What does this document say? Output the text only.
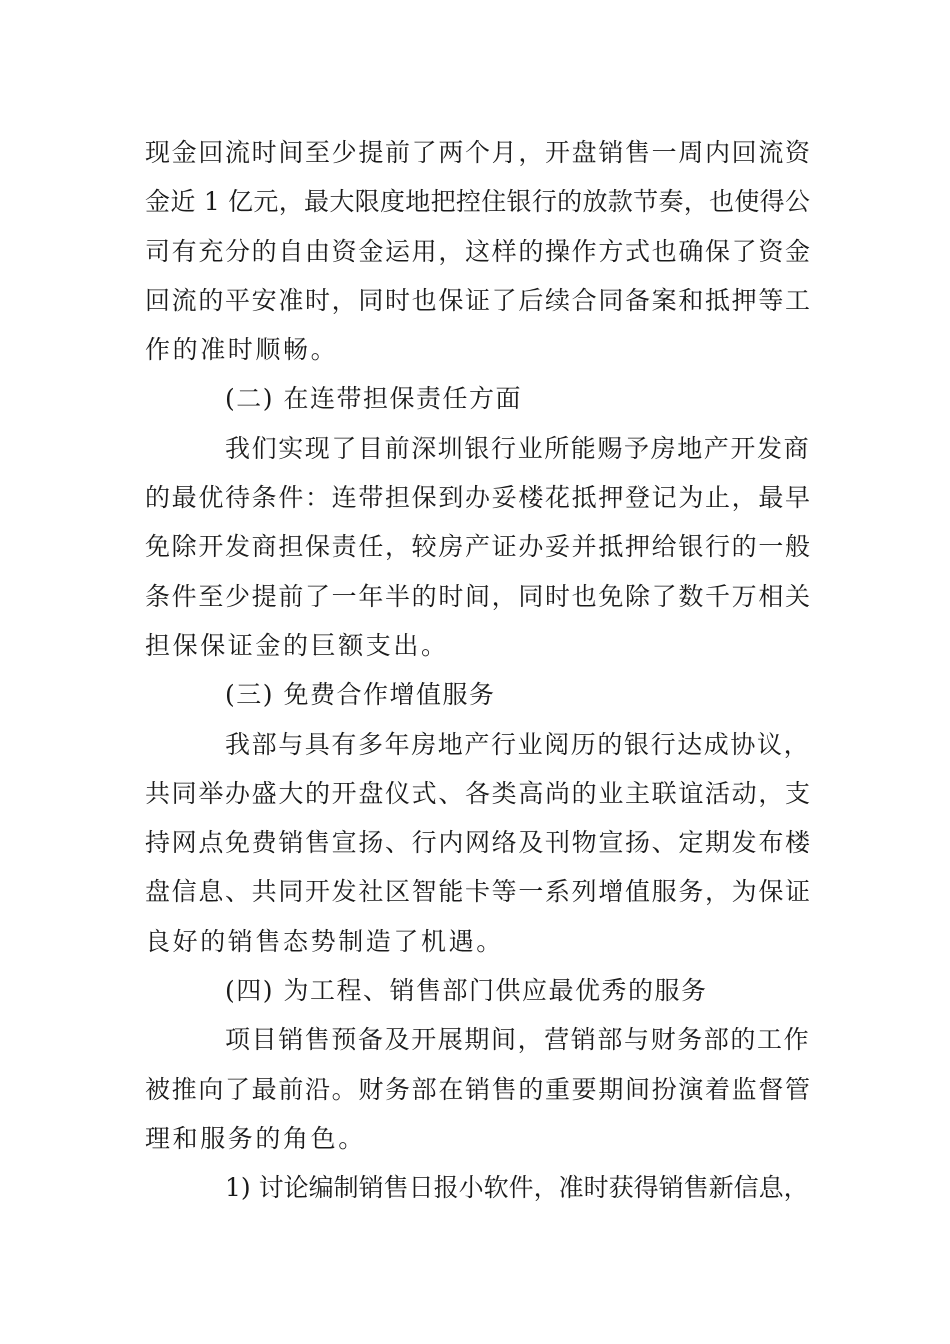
现金回流时间至少提前了两个月，开盘销售一周内回流资
金近 1 亿元，最大限度地把控住银行的放款节奏，也使得公
司有充分的自由资金运用，这样的操作方式也确保了资金
回流的平安准时，同时也保证了后续合同备案和抵押等工
作的准时顺畅。
(二) 在连带担保责任方面
我们实现了目前深圳银行业所能赐予房地产开发商
的最优待条件：连带担保到办妥楼花抵押登记为止，最早
免除开发商担保责任，较房产证办妥并抵押给银行的一般
条件至少提前了一年半的时间，同时也免除了数千万相关
担保保证金的巨额支出。
(三) 免费合作增值服务
我部与具有多年房地产行业阅历的银行达成协议，
共同举办盛大的开盘仪式、各类高尚的业主联谊活动，支
持网点免费销售宣扬、行内网络及刊物宣扬、定期发布楼
盘信息、共同开发社区智能卡等一系列增值服务，为保证
良好的销售态势制造了机遇。
(四) 为工程、销售部门供应最优秀的服务
项目销售预备及开展期间，营销部与财务部的工作
被推向了最前沿。财务部在销售的重要期间扮演着监督管
理和服务的角色。
1) 讨论编制销售日报小软件，准时获得销售新信息，
